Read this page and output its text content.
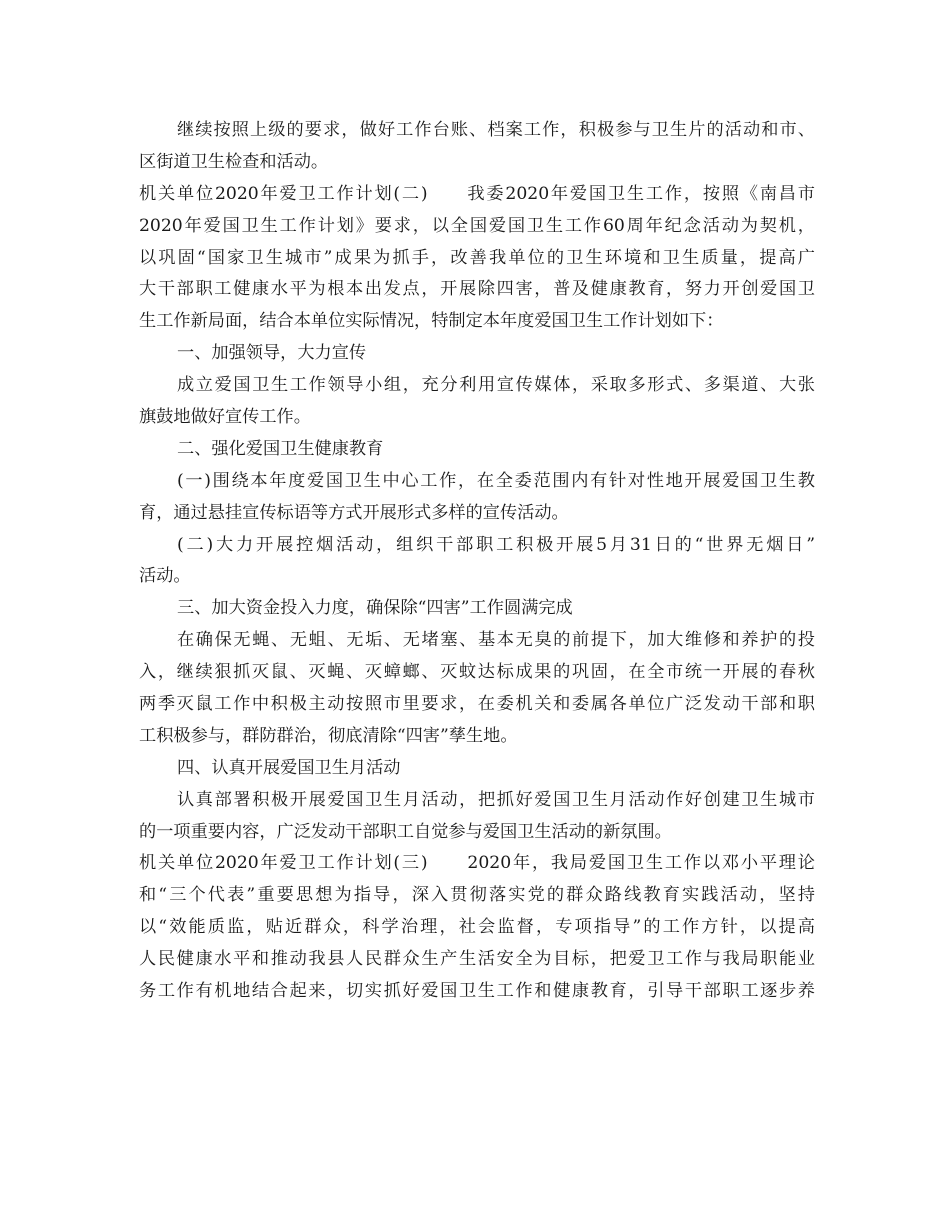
继续按照上级的要求，做好工作台账、档案工作，积极参与卫生片的活动和市、
区街道卫生检查和活动。
机关单位2020年爱卫工作计划(二)　　我委2020年爱国卫生工作，按照《南昌市
2020年爱国卫生工作计划》要求，以全国爱国卫生工作60周年纪念活动为契机，
以巩固“国家卫生城市”成果为抓手，改善我单位的卫生环境和卫生质量，提高广
大干部职工健康水平为根本出发点，开展除四害，普及健康教育，努力开创爱国卫
生工作新局面，结合本单位实际情况，特制定本年度爱国卫生工作计划如下：
一、加强领导，大力宣传
成立爱国卫生工作领导小组，充分利用宣传媒体，采取多形式、多渠道、大张
旗鼓地做好宣传工作。
二、强化爱国卫生健康教育
(一)围绕本年度爱国卫生中心工作，在全委范围内有针对性地开展爱国卫生教
育，通过悬挂宣传标语等方式开展形式多样的宣传活动。
(二)大力开展控烟活动，组织干部职工积极开展5月31日的“世界无烟日”
活动。
三、加大资金投入力度，确保除“四害”工作圆满完成
在确保无蝇、无蛆、无垢、无堵塞、基本无臭的前提下，加大维修和养护的投
入，继续狠抓灭鼠、灭蝇、灭蟑螂、灭蚊达标成果的巩固，在全市统一开展的春秋
两季灭鼠工作中积极主动按照市里要求，在委机关和委属各单位广泛发动干部和职
工积极参与，群防群治，彻底清除“四害”孳生地。
四、认真开展爱国卫生月活动
认真部署积极开展爱国卫生月活动，把抓好爱国卫生月活动作好创建卫生城市
的一项重要内容，广泛发动干部职工自觉参与爱国卫生活动的新氛围。
机关单位2020年爱卫工作计划(三)　　2020年，我局爱国卫生工作以邓小平理论
和“三个代表”重要思想为指导，深入贯彻落实党的群众路线教育实践活动，坚持
以“效能质监，贴近群众，科学治理，社会监督，专项指导”的工作方针，以提高
人民健康水平和推动我县人民群众生产生活安全为目标，把爱卫工作与我局职能业
务工作有机地结合起来，切实抓好爱国卫生工作和健康教育，引导干部职工逐步养
